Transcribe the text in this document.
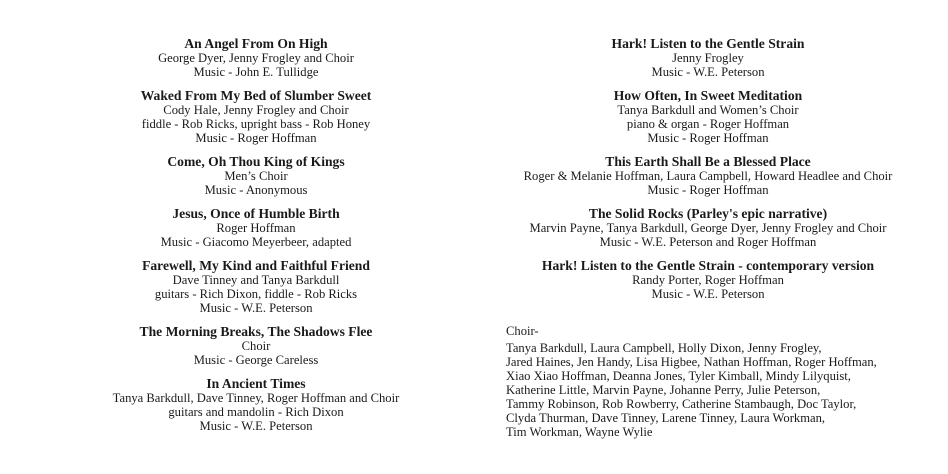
An Angel From On High
George Dyer, Jenny Frogley and Choir
Music - John E. Tullidge
Waked From My Bed of Slumber Sweet
Cody Hale, Jenny Frogley and Choir
fiddle - Rob Ricks, upright bass - Rob Honey
Music - Roger Hoffman
Come, Oh Thou King of Kings
Men’s Choir
Music - Anonymous
Jesus, Once of Humble Birth
Roger Hoffman
Music - Giacomo Meyerbeer, adapted
Farewell, My Kind and Faithful Friend
Dave Tinney and Tanya Barkdull
guitars - Rich Dixon, fiddle - Rob Ricks
Music - W.E. Peterson
The Morning Breaks, The Shadows Flee
Choir
Music - George Careless
In Ancient Times
Tanya Barkdull, Dave Tinney, Roger Hoffman and Choir
guitars and mandolin - Rich Dixon
Music - W.E. Peterson
Hark! Listen to the Gentle Strain
Jenny Frogley
Music - W.E. Peterson
How Often, In Sweet Meditation
Tanya Barkdull and Women’s Choir
piano & organ - Roger Hoffman
Music - Roger Hoffman
This Earth Shall Be a Blessed Place
Roger & Melanie Hoffman, Laura Campbell, Howard Headlee and Choir
Music - Roger Hoffman
The Solid Rocks (Parley's epic narrative)
Marvin Payne, Tanya Barkdull, George Dyer, Jenny Frogley and Choir
Music - W.E. Peterson and Roger Hoffman
Hark! Listen to the Gentle Strain - contemporary version
Randy Porter, Roger Hoffman
Music - W.E. Peterson
Choir-
Tanya Barkdull, Laura Campbell, Holly Dixon, Jenny Frogley,
Jared Haines, Jen Handy, Lisa Higbee, Nathan Hoffman, Roger Hoffman,
Xiao Xiao Hoffman, Deanna Jones, Tyler Kimball, Mindy Lilyquist,
Katherine Little, Marvin Payne, Johanne Perry, Julie Peterson,
Tammy Robinson, Rob Rowberry, Catherine Stambaugh, Doc Taylor,
Clyda Thurman, Dave Tinney, Larene Tinney, Laura Workman,
Tim Workman, Wayne Wylie
